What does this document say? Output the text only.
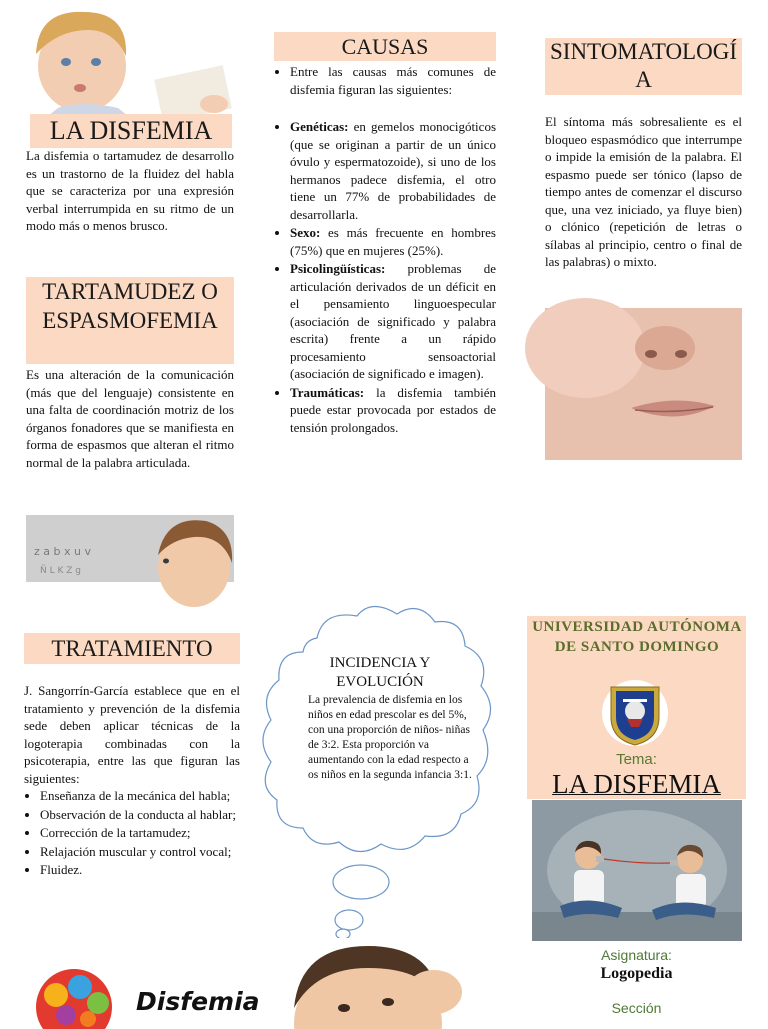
LA DISFEMIA
La disfemia o tartamudez de desarrollo es un trastorno de la fluidez del habla que se caracteriza por una expresión verbal interrumpida en su ritmo de un modo más o menos brusco.
TARTAMUDEZ O ESPASMOFEMIA
Es una alteración de la comunicación (más que del lenguaje) consistente en una falta de coordinación motriz de los órganos fonadores que se manifiesta en forma de espasmos que alteran el ritmo normal de la palabra articulada.
z a b x u v
Ñ L K Z g
CAUSAS
• Entre las causas más comunes de disfemia figuran las siguientes:
• Genéticas: en gemelos monocigóticos (que se originan a partir de un único óvulo y espermatozoide), si uno de los hermanos padece disfemia, el otro tiene un 77% de probabilidades de desarrollarla.
• Sexo: es más frecuente en hombres (75%) que en mujeres (25%).
• Psicolingüísticas: problemas de articulación derivados de un déficit en el pensamiento linguoespecular (asociación de significado y palabra escrita) frente a un rápido procesamiento sensoactorial (asociación de significado e imagen).
• Traumáticas: la disfemia también puede estar provocada por estados de tensión prolongados.
SINTOMATOLOGÍA
El síntoma más sobresaliente es el bloqueo espasmódico que interrumpe o impide la emisión de la palabra. El espasmo puede ser tónico (lapso de tiempo antes de comenzar el discurso que, una vez iniciado, ya fluye bien) o clónico (repetición de letras o sílabas al principio, centro o final de las palabras) o mixto.
TRATAMIENTO
J. Sangorrín-García establece que en el tratamiento y prevención de la disfemia sede deben aplicar técnicas de la logoterapia combinadas con la psicoterapia, entre las que figuran las siguientes:
• Enseñanza de la mecánica del habla;
• Observación de la conducta al hablar;
• Corrección de la tartamudez;
• Relajación muscular y control vocal;
• Fluidez.
Disfemia
INCIDENCIA Y EVOLUCIÓN
La prevalencia de disfemia en los niños en edad prescolar es del 5%, con una proporción de niños- niñas de 3:2. Esta proporción va aumentando con la edad respecto a os niños en la segunda infancia 3:1.
UNIVERSIDAD AUTÓNOMA DE SANTO DOMINGO
Tema:
LA DISFEMIA
Asignatura:
Logopedia
Sección
